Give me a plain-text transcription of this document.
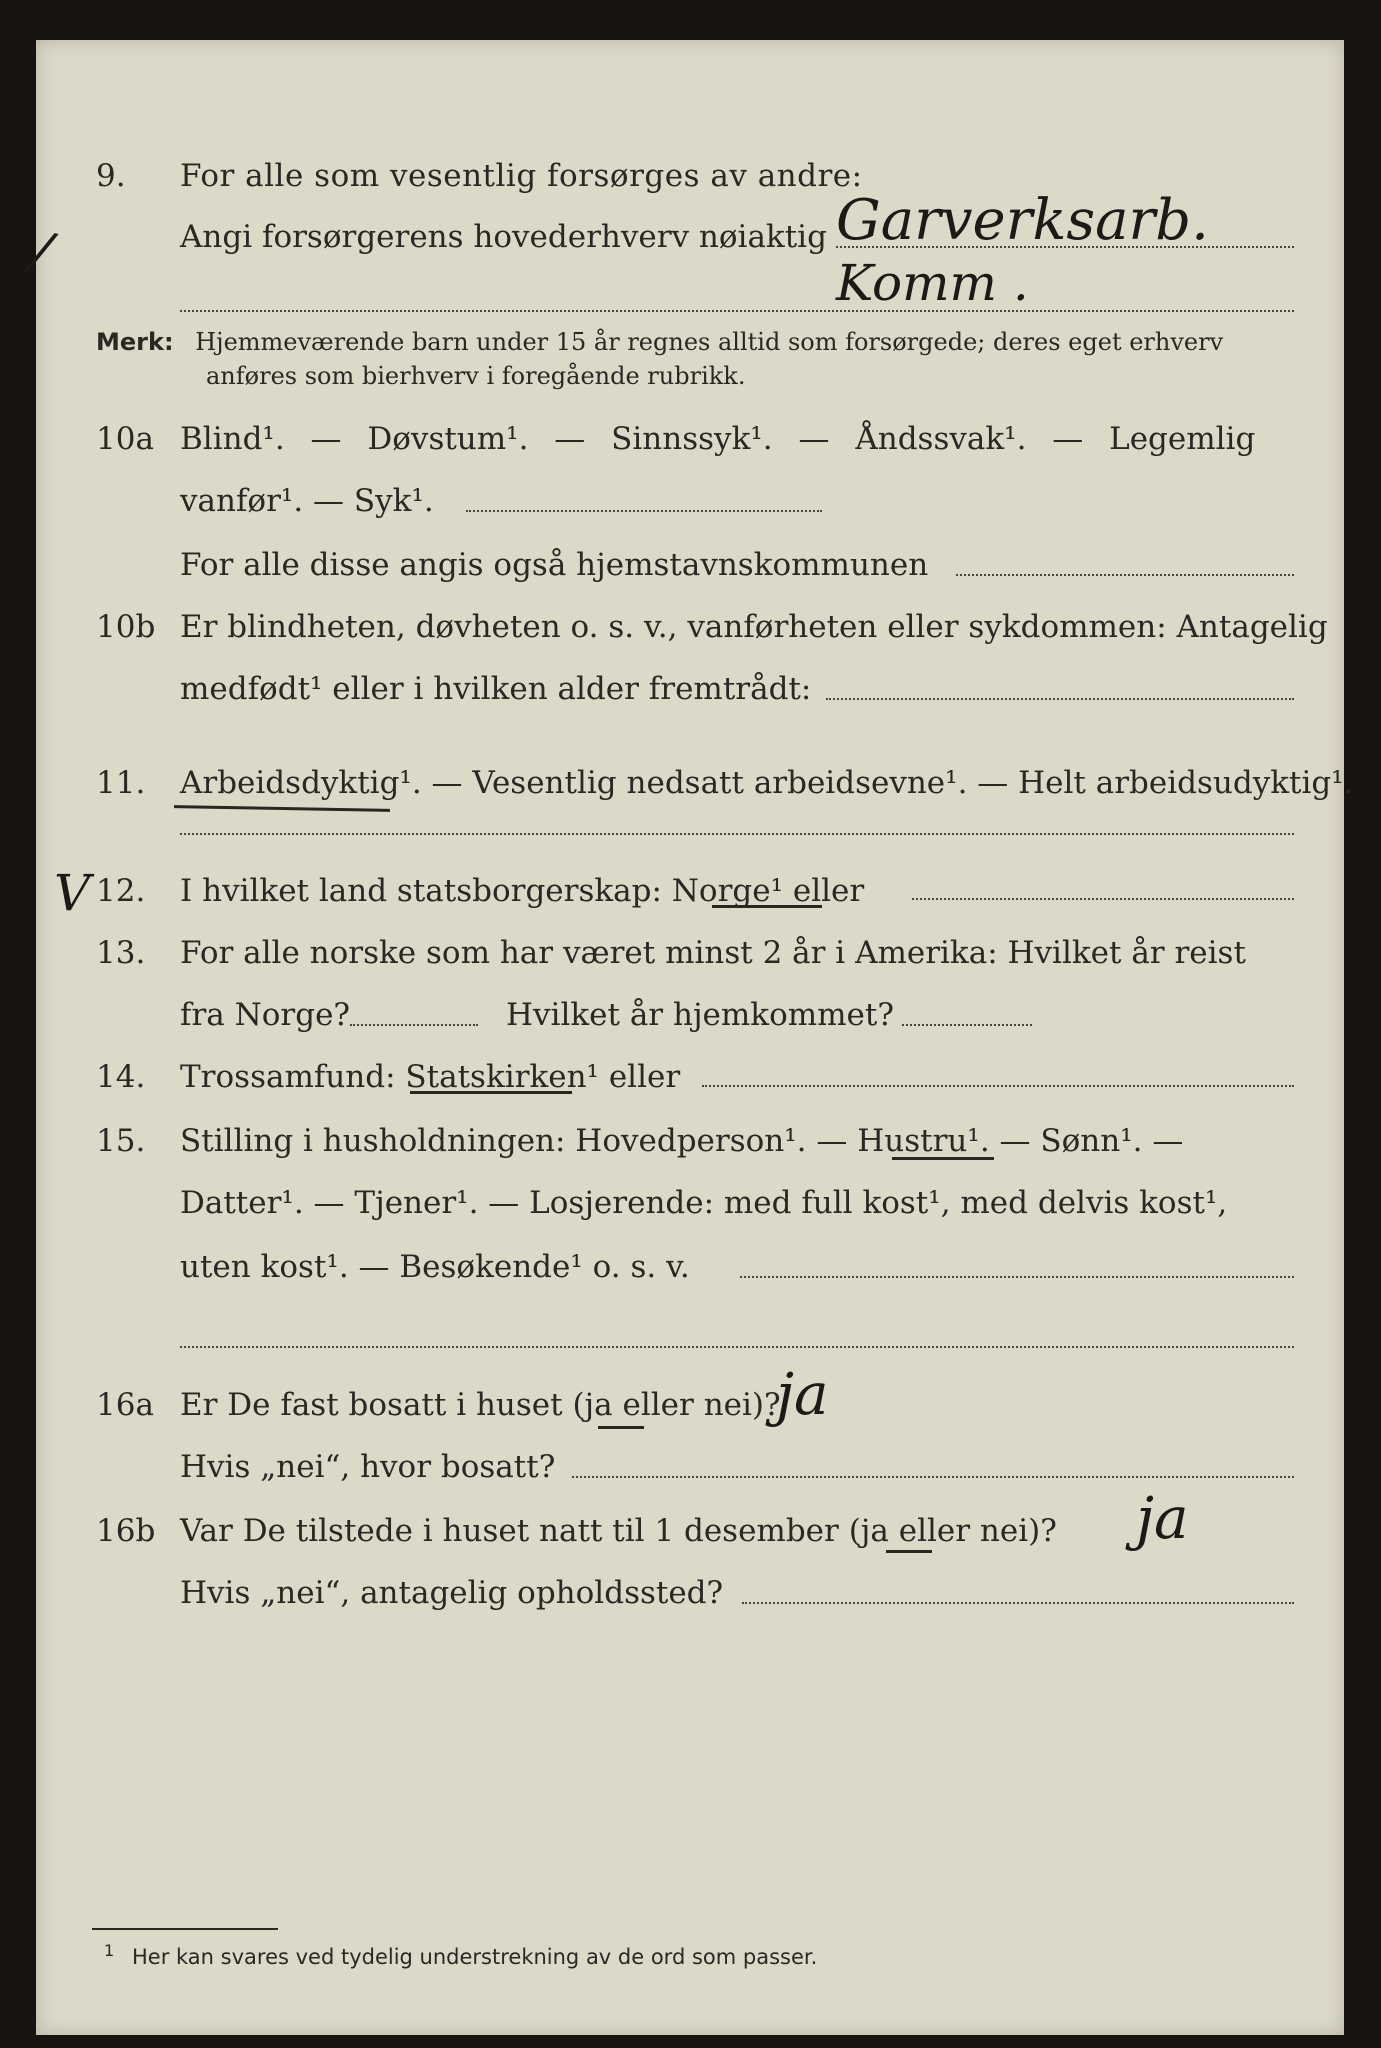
9. For alle som vesentlig forsørges av andre:
/	Angi forsørgerens hovederhverv nøiaktig Garverksarb.
Komm .
Merk: Hjemmeværende barn under 15 år regnes alltid som forsørgede; deres eget erhverv
anføres som bierhverv i foregående rubrikk.
10a Blind¹. — Døvstum¹. — Sinnssyk¹. — Åndssvak¹. — Legemlig
vanfør¹. — Syk¹.
For alle disse angis også hjemstavnskommunen
10b Er blindheten, døvheten o. s. v., vanførheten eller sykdommen: Antagelig
medfødt¹ eller i hvilken alder fremtrådt:
11. Arbeidsdyktig¹. — Vesentlig nedsatt arbeidsevne¹. — Helt arbeidsudyktig¹.
V 12. I hvilket land statsborgerskap: Norge¹ eller
13. For alle norske som har været minst 2 år i Amerika: Hvilket år reist
fra Norge?	Hvilket år hjemkommet?
14. Trossamfund: Statskirken¹ eller
15. Stilling i husholdningen: Hovedperson¹. — Hustru¹. — Sønn¹. —
Datter¹. — Tjener¹. — Losjerende: med full kost¹, med delvis kost¹,
uten kost¹. — Besøkende¹ o. s. v.
16a Er De fast bosatt i huset (ja eller nei)?
ja
Hvis „nei“, hvor bosatt?
16b Var De tilstede i huset natt til 1 desember (ja eller nei)? ja
Hvis „nei“, antagelig opholdssted?
1 Her kan svares ved tydelig understrekning av de ord som passer.
